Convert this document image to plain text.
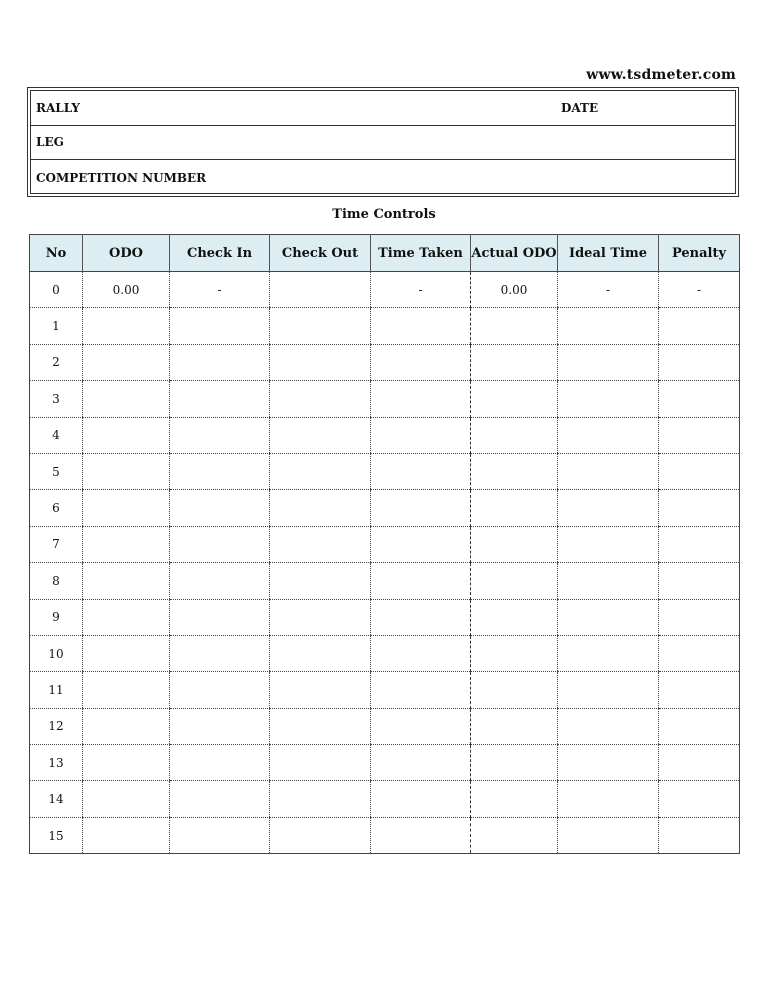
www.tsdmeter.com
RALLY	DATE
LEG
COMPETITION NUMBER
Time Controls
No	ODO	Check In	Check Out	Time Taken	Actual ODO	Ideal Time	Penalty
0	0.00	-		-	0.00	-	-
1							
2							
3							
4							
5							
6							
7							
8							
9							
10							
11							
12							
13							
14							
15							
